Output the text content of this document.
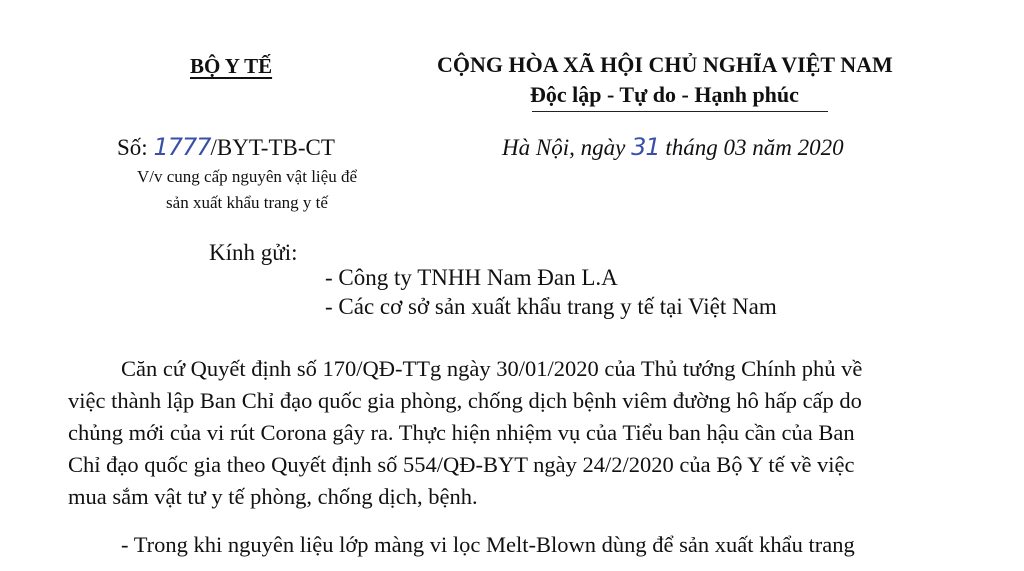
BỘ Y TẾ	CỘNG HÒA XÃ HỘI CHỦ NGHĨA VIỆT NAM
Độc lập - Tự do - Hạnh phúc
Số: 1777/BYT-TB-CT
V/v cung cấp nguyên vật liệu để
sản xuất khẩu trang y tế
Hà Nội, ngày 31 tháng 03 năm 2020
Kính gửi:
- Công ty TNHH Nam Đan L.A
- Các cơ sở sản xuất khẩu trang y tế tại Việt Nam
Căn cứ Quyết định số 170/QĐ-TTg ngày 30/01/2020 của Thủ tướng Chính phủ về
việc thành lập Ban Chỉ đạo quốc gia phòng, chống dịch bệnh viêm đường hô hấp cấp do
chủng mới của vi rút Corona gây ra. Thực hiện nhiệm vụ của Tiểu ban hậu cần của Ban
Chỉ đạo quốc gia theo Quyết định số 554/QĐ-BYT ngày 24/2/2020 của Bộ Y tế về việc
mua sắm vật tư y tế phòng, chống dịch, bệnh.
- Trong khi nguyên liệu lớp màng vi lọc Melt-Blown dùng để sản xuất khẩu trang
